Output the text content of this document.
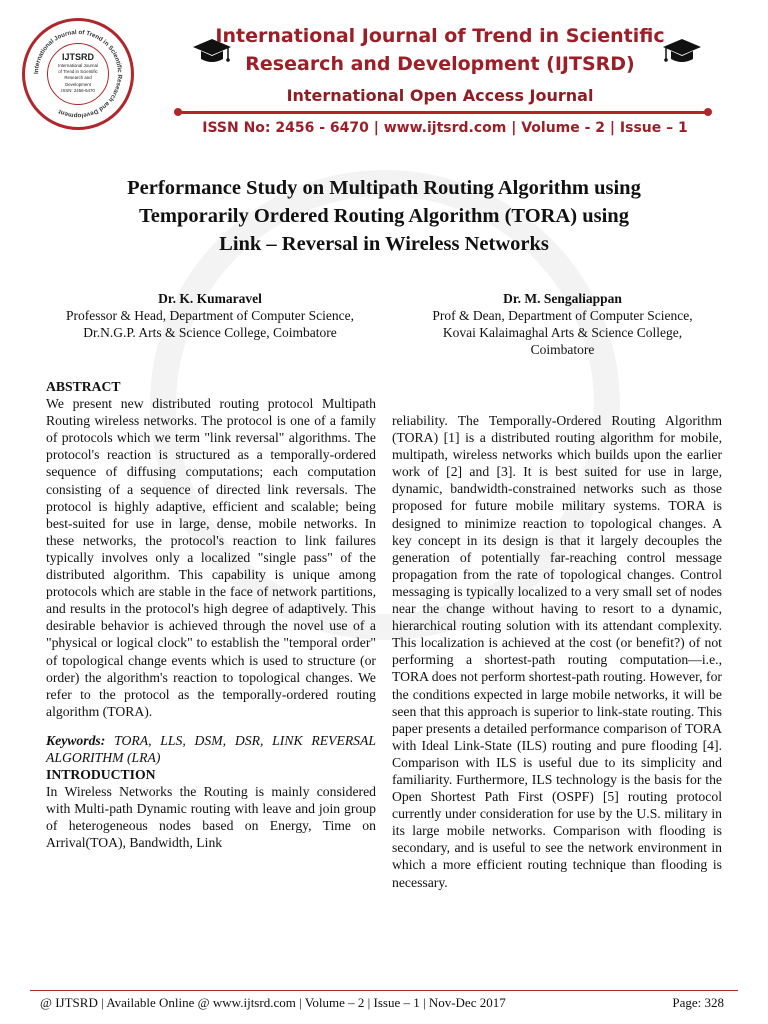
International Journal of Trend in Scientific Research and Development
IJTSRD
International Journal
of Trend in Scientific
Research and
Development
ISSN: 2456-6470
International Journal of Trend in Scientific
Research and Development (IJTSRD)
International Open Access Journal
ISSN No: 2456 - 6470 | www.ijtsrd.com | Volume - 2 | Issue – 1
Performance Study on Multipath Routing Algorithm using
Temporarily Ordered Routing Algorithm (TORA) using
Link – Reversal in Wireless Networks
Dr. K. Kumaravel
Professor & Head, Department of Computer Science,
Dr.N.G.P. Arts & Science College, Coimbatore
Dr. M. Sengaliappan
Prof & Dean, Department of Computer Science,
Kovai Kalaimaghal Arts & Science College,
Coimbatore

ABSTRACT

We present new distributed routing protocol Multipath Routing wireless networks. The protocol is one of a family of protocols which we term "link reversal" algorithms. The protocol's reaction is structured as a temporally-ordered sequence of diffusing computations; each computation consisting of a sequence of directed link reversals. The protocol is highly adaptive, efficient and scalable; being best-suited for use in large, dense, mobile networks. In these networks, the protocol's reaction to link failures typically involves only a localized "single pass" of the distributed algorithm. This capability is unique among protocols which are stable in the face of network partitions, and results in the protocol's high degree of adaptively. This desirable behavior is achieved through the novel use of a "physical or logical clock" to establish the "temporal order" of topological change events which is used to structure (or order) the algorithm's reaction to topological changes. We refer to the protocol as the temporally-ordered routing algorithm (TORA).

Keywords: TORA, LLS, DSM, DSR, LINK REVERSAL ALGORITHM (LRA)

INTRODUCTION

In Wireless Networks the Routing is mainly considered with Multi-path Dynamic routing with leave and join group of heterogeneous nodes based on Energy, Time on Arrival(TOA), Bandwidth, Link

reliability. The Temporally-Ordered Routing Algorithm (TORA) [1] is a distributed routing algorithm for mobile, multipath, wireless networks which builds upon the earlier work of [2] and [3]. It is best suited for use in large, dynamic, bandwidth-constrained networks such as those proposed for future mobile military systems. TORA is designed to minimize reaction to topological changes. A key concept in its design is that it largely decouples the generation of potentially far-reaching control message propagation from the rate of topological changes. Control messaging is typically localized to a very small set of nodes near the change without having to resort to a dynamic, hierarchical routing solution with its attendant complexity. This localization is achieved at the cost (or benefit?) of not performing a shortest-path routing computation—i.e., TORA does not perform shortest-path routing. However, for the conditions expected in large mobile networks, it will be seen that this approach is superior to link-state routing. This paper presents a detailed performance comparison of TORA with Ideal Link-State (ILS) routing and pure flooding [4]. Comparison with ILS is useful due to its simplicity and familiarity. Furthermore, ILS technology is the basis for the Open Shortest Path First (OSPF) [5] routing protocol currently under consideration for use by the U.S. military in its large mobile networks. Comparison with flooding is secondary, and is useful to see the network environment in which a more efficient routing technique than flooding is necessary.

@ IJTSRD | Available Online @ www.ijtsrd.com | Volume – 2 | Issue – 1 | Nov-Dec 2017	Page: 328
